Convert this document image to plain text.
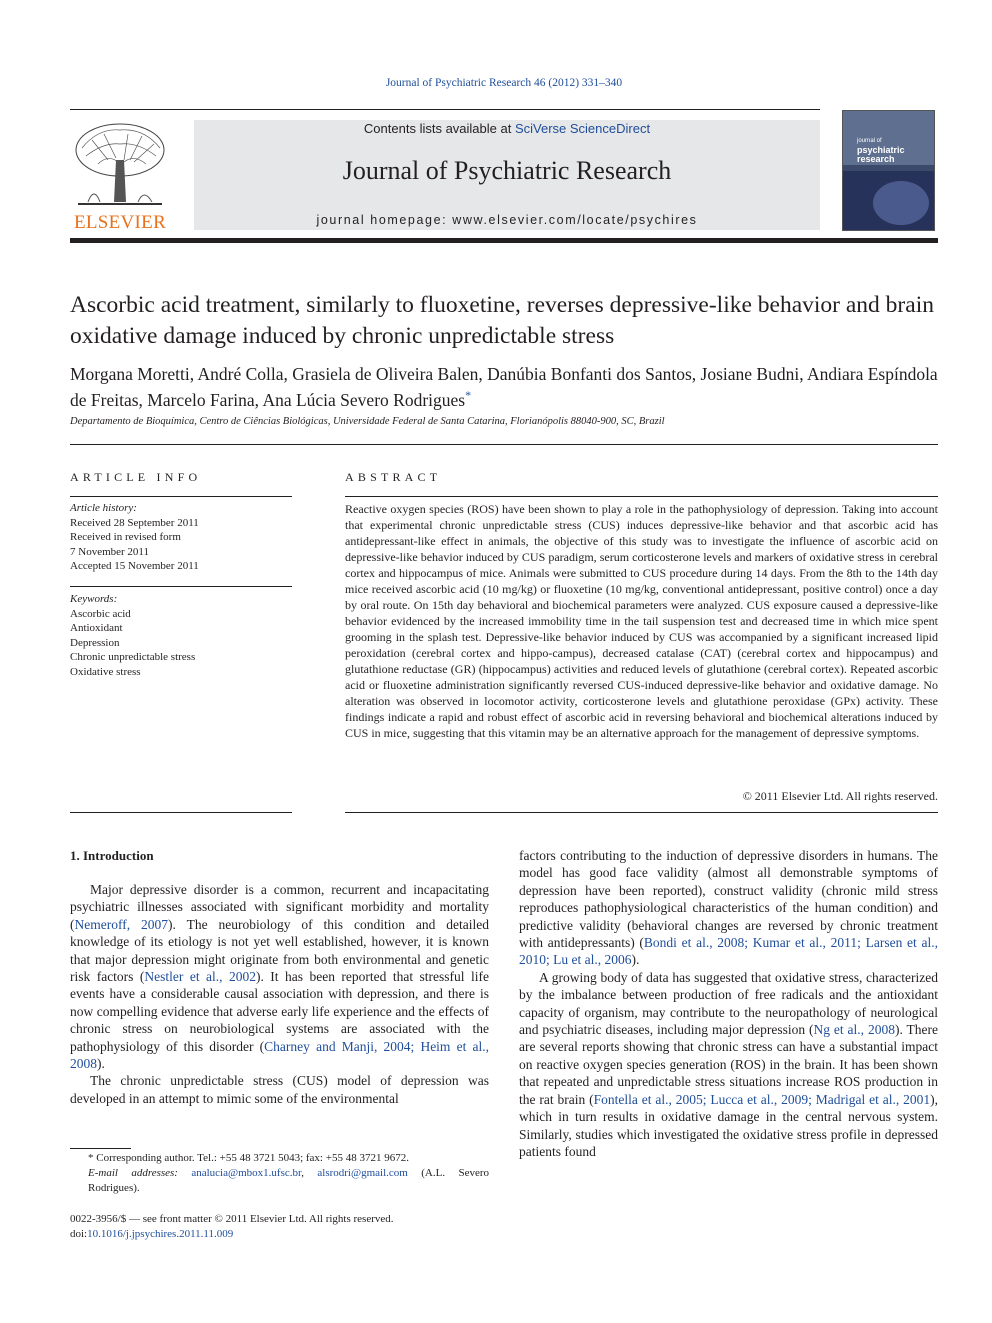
Journal of Psychiatric Research 46 (2012) 331–340
ELSEVIER
Contents lists available at SciVerse ScienceDirect
Journal of Psychiatric Research
journal homepage: www.elsevier.com/locate/psychires
journal of
psychiatric
research
Ascorbic acid treatment, similarly to fluoxetine, reverses depressive-like behavior and brain oxidative damage induced by chronic unpredictable stress
Morgana Moretti, André Colla, Grasiela de Oliveira Balen, Danúbia Bonfanti dos Santos, Josiane Budni, Andiara Espíndola de Freitas, Marcelo Farina, Ana Lúcia Severo Rodrigues*
Departamento de Bioquímica, Centro de Ciências Biológicas, Universidade Federal de Santa Catarina, Florianópolis 88040-900, SC, Brazil
ARTICLE INFO	ABSTRACT
Article history:
Received 28 September 2011
Received in revised form
7 November 2011
Accepted 15 November 2011
Keywords:
Ascorbic acid
Antioxidant
Depression
Chronic unpredictable stress
Oxidative stress
Reactive oxygen species (ROS) have been shown to play a role in the pathophysiology of depression. Taking into account that experimental chronic unpredictable stress (CUS) induces depressive-like behavior and that ascorbic acid has antidepressant-like effect in animals, the objective of this study was to investigate the influence of ascorbic acid on depressive-like behavior induced by CUS paradigm, serum corticosterone levels and markers of oxidative stress in cerebral cortex and hippocampus of mice. Animals were submitted to CUS procedure during 14 days. From the 8th to the 14th day mice received ascorbic acid (10 mg/kg) or fluoxetine (10 mg/kg, conventional antidepressant, positive control) once a day by oral route. On 15th day behavioral and biochemical parameters were analyzed. CUS exposure caused a depressive-like behavior evidenced by the increased immobility time in the tail suspension test and decreased time in which mice spent grooming in the splash test. Depressive-like behavior induced by CUS was accompanied by a significant increased lipid peroxidation (cerebral cortex and hippo-campus), decreased catalase (CAT) (cerebral cortex and hippocampus) and glutathione reductase (GR) (hippocampus) activities and reduced levels of glutathione (cerebral cortex). Repeated ascorbic acid or fluoxetine administration significantly reversed CUS-induced depressive-like behavior and oxidative damage. No alteration was observed in locomotor activity, corticosterone levels and glutathione peroxidase (GPx) activity. These findings indicate a rapid and robust effect of ascorbic acid in reversing behavioral and biochemical alterations induced by CUS in mice, suggesting that this vitamin may be an alternative approach for the management of depressive symptoms.
© 2011 Elsevier Ltd. All rights reserved.
1. Introduction

Major depressive disorder is a common, recurrent and incapacitating psychiatric illnesses associated with significant morbidity and mortality (Nemeroff, 2007). The neurobiology of this condition and detailed knowledge of its etiology is not yet well established, however, it is known that major depression might originate from both environmental and genetic risk factors (Nestler et al., 2002). It has been reported that stressful life events have a considerable causal association with depression, and there is now compelling evidence that adverse early life experience and the effects of chronic stress on neurobiological systems are associated with the pathophysiology of this disorder (Charney and Manji, 2004; Heim et al., 2008).

The chronic unpredictable stress (CUS) model of depression was developed in an attempt to mimic some of the environmental

factors contributing to the induction of depressive disorders in humans. The model has good face validity (almost all demonstrable symptoms of depression have been reported), construct validity (chronic mild stress reproduces pathophysiological characteristics of the human condition) and predictive validity (behavioral changes are reversed by chronic treatment with antidepressants) (Bondi et al., 2008; Kumar et al., 2011; Larsen et al., 2010; Lu et al., 2006).

A growing body of data has suggested that oxidative stress, characterized by the imbalance between production of free radicals and the antioxidant capacity of organism, may contribute to the neuropathology of neurological and psychiatric diseases, including major depression (Ng et al., 2008). There are several reports showing that chronic stress can have a substantial impact on reactive oxygen species generation (ROS) in the brain. It has been shown that repeated and unpredictable stress situations increase ROS production in the rat brain (Fontella et al., 2005; Lucca et al., 2009; Madrigal et al., 2001), which in turn results in oxidative damage in the central nervous system. Similarly, studies which investigated the oxidative stress profile in depressed patients found

* Corresponding author. Tel.: +55 48 3721 5043; fax: +55 48 3721 9672.
E-mail addresses: analucia@mbox1.ufsc.br, alsrodri@gmail.com (A.L. Severo Rodrigues).
0022-3956/$ — see front matter © 2011 Elsevier Ltd. All rights reserved.
doi:10.1016/j.jpsychires.2011.11.009
